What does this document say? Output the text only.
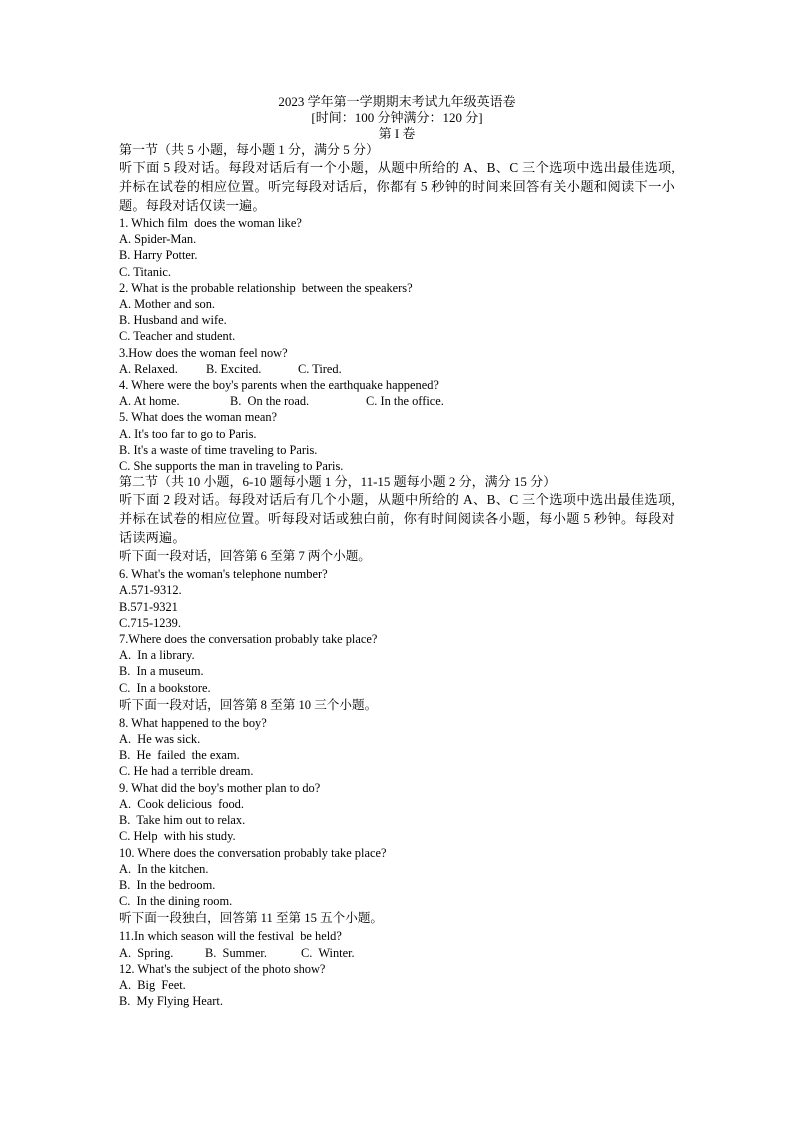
2023 学年第一学期期末考试九年级英语卷
[时间：100 分钟满分：120 分]
第 I 卷
第一节（共 5 小题，每小题 1 分，满分 5 分）
听下面 5 段对话。每段对话后有一个小题，从题中所给的 A、B、C 三个选项中选出最佳选项,并标在试卷的相应位置。听完每段对话后，你都有 5 秒钟的时间来回答有关小题和阅读下一小题。每段对话仅读一遍。
1. Which film  does the woman like?
A. Spider-Man.
B. Harry Potter.
C. Titanic.
2. What is the probable relationship  between the speakers?
A. Mother and son.
B. Husband and wife.
C. Teacher and student.
3.How does the woman feel now?
A. Relaxed. B. Excited.	C. Tired.
4. Where were the boy's parents when the earthquake happened?
A. At home.	B.  On the road.	C. In the office.
5. What does the woman mean?
A. It's too far to go to Paris.
B. It's a waste of time traveling to Paris.
C. She supports the man in traveling to Paris.
第二节（共 10 小题，6-10 题每小题 1 分，11-15 题每小题 2 分，满分 15 分）
听下面 2 段对话。每段对话后有几个小题，从题中所给的 A、B、C 三个选项中选出最佳选项,并标在试卷的相应位置。听每段对话或独白前，你有时间阅读各小题，每小题 5 秒钟。每段对话读两遍。
听下面一段对话，回答第 6 至第 7 两个小题。
6. What's the woman's telephone number?
A.571-9312.
B.571-9321
C.715-1239.
7.Where does the conversation probably take place?
A.  In a library.
B.  In a museum.
C.  In a bookstore.
听下面一段对话，回答第 8 至第 10 三个小题。
8. What happened to the boy?
A.  He was sick.
B.  He  failed  the exam.
C. He had a terrible dream.
9. What did the boy's mother plan to do?
A.  Cook delicious  food.
B.  Take him out to relax.
C. Help  with his study.
10. Where does the conversation probably take place?
A.  In the kitchen.
B.  In the bedroom.
C.  In the dining room.
听下面一段独白，回答第 11 至第 15 五个小题。
11.In which season will the festival  be held?
A.  Spring.	B.  Summer.	C.  Winter.
12. What's the subject of the photo show?
A.  Big  Feet.
B.  My Flying Heart.
